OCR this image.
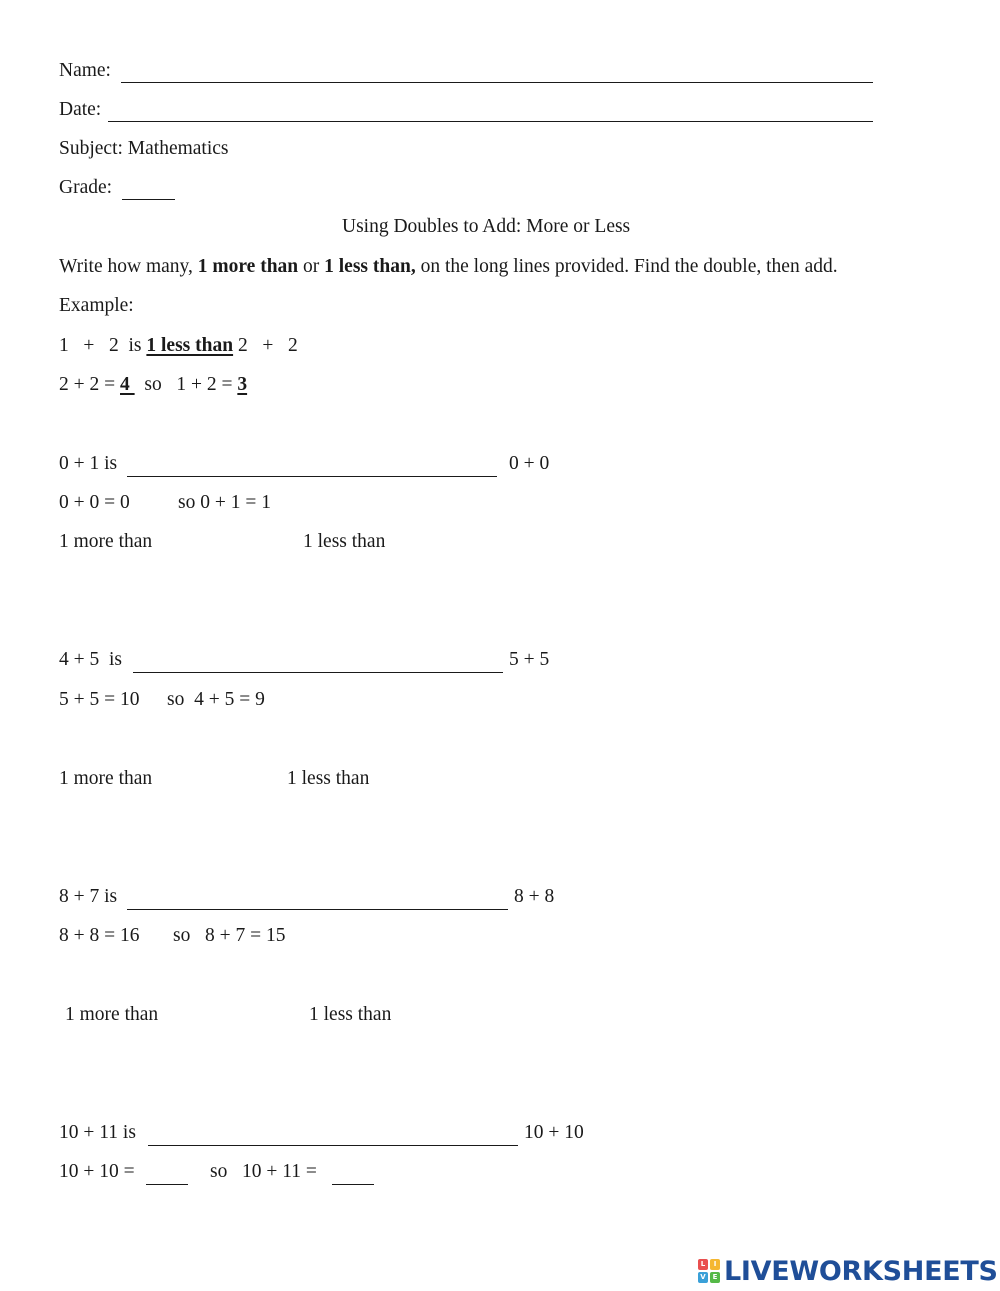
Name:
Date:
Subject: Mathematics
Grade:
Using Doubles to Add: More or Less
Write how many, 1 more than or 1 less than, on the long lines provided. Find the double, then add.
Example:
1   +   2  is 1 less than 2   +   2
2 + 2 = 4   so   1 + 2 = 3
0 + 1 is	0 + 0
0 + 0 = 0 so 0 + 1 = 1
1 more than	1 less than
4 + 5  is	5 + 5
5 + 5 = 10 so  4 + 5 = 9
1 more than	1 less than
8 + 7 is	8 + 8
8 + 8 = 16 so   8 + 7 = 15
1 more than	1 less than
10 + 11 is	10 + 10
10 + 10 =	so   10 + 11 =
L	I
V E LIVEWORKSHEETS
